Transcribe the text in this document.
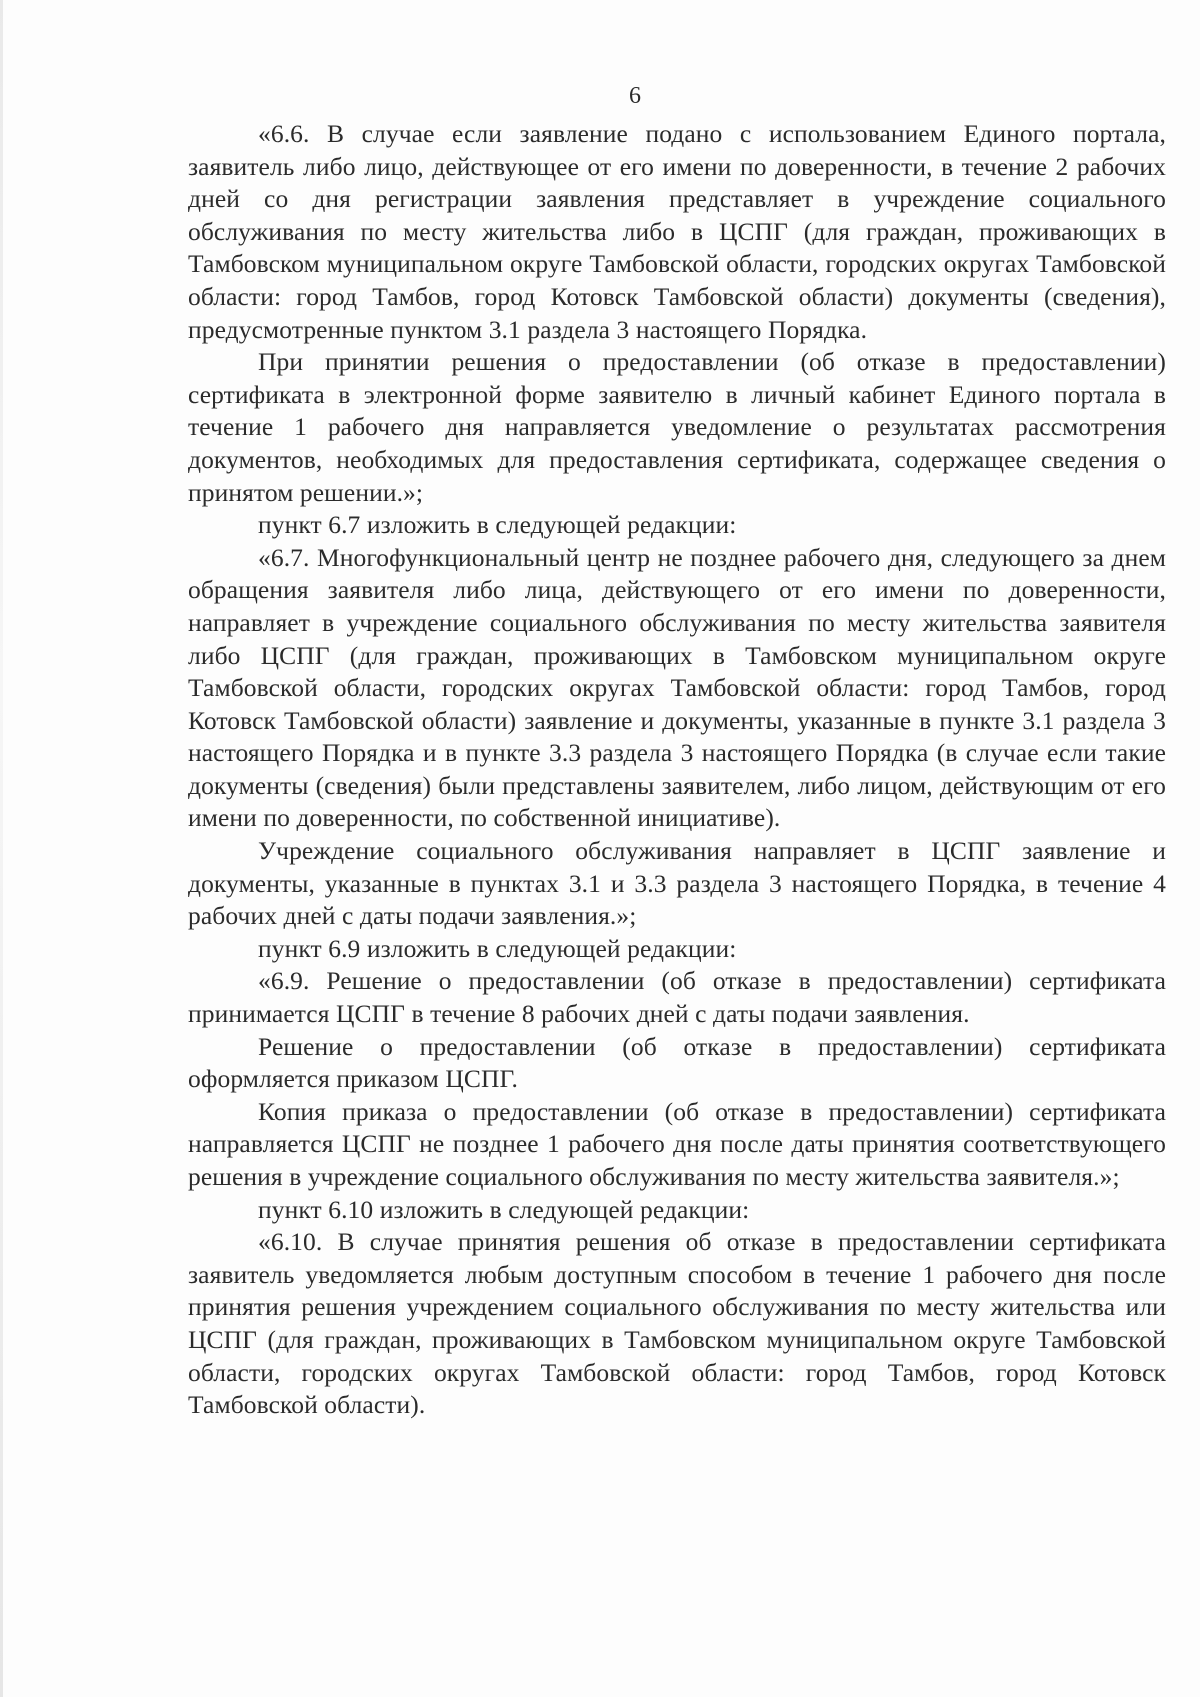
6

«6.6. В случае если заявление подано с использованием Единого портала, заявитель либо лицо, действующее от его имени по доверенности, в течение 2 рабочих дней со дня регистрации заявления представляет в учреждение социального обслуживания по месту жительства либо в ЦСПГ (для граждан, проживающих в Тамбовском муниципальном округе Тамбовской области, городских округах Тамбовской области: город Тамбов, город Котовск Тамбовской области) документы (сведения), предусмотренные пунктом 3.1 раздела 3 настоящего Порядка.

При принятии решения о предоставлении (об отказе в предоставлении) сертификата в электронной форме заявителю в личный кабинет Единого портала в течение 1 рабочего дня направляется уведомление о результатах рассмотрения документов, необходимых для предоставления сертификата, содержащее сведения о принятом решении.»;

пункт 6.7 изложить в следующей редакции:

«6.7. Многофункциональный центр не позднее рабочего дня, следующего за днем обращения заявителя либо лица, действующего от его имени по доверенности, направляет в учреждение социального обслуживания по месту жительства заявителя либо ЦСПГ (для граждан, проживающих в Тамбовском муниципальном округе Тамбовской области, городских округах Тамбовской области: город Тамбов, город Котовск Тамбовской области) заявление и документы, указанные в пункте 3.1 раздела 3 настоящего Порядка и в пункте 3.3 раздела 3 настоящего Порядка (в случае если такие документы (сведения) были представлены заявителем, либо лицом, действующим от его имени по доверенности, по собственной инициативе).

Учреждение социального обслуживания направляет в ЦСПГ заявление и документы, указанные в пунктах 3.1 и 3.3 раздела 3 настоящего Порядка, в течение 4 рабочих дней с даты подачи заявления.»;

пункт 6.9 изложить в следующей редакции:

«6.9. Решение о предоставлении (об отказе в предоставлении) сертификата принимается ЦСПГ в течение 8 рабочих дней с даты подачи заявления.

Решение о предоставлении (об отказе в предоставлении) сертификата оформляется приказом ЦСПГ.

Копия приказа о предоставлении (об отказе в предоставлении) сертификата направляется ЦСПГ не позднее 1 рабочего дня после даты принятия соответствующего решения в учреждение социального обслуживания по месту жительства заявителя.»;

пункт 6.10 изложить в следующей редакции:

«6.10. В случае принятия решения об отказе в предоставлении сертификата заявитель уведомляется любым доступным способом в течение 1 рабочего дня после принятия решения учреждением социального обслуживания по месту жительства или ЦСПГ (для граждан, проживающих в Тамбовском муниципальном округе Тамбовской области, городских округах Тамбовской области: город Тамбов, город Котовск Тамбовской области).
